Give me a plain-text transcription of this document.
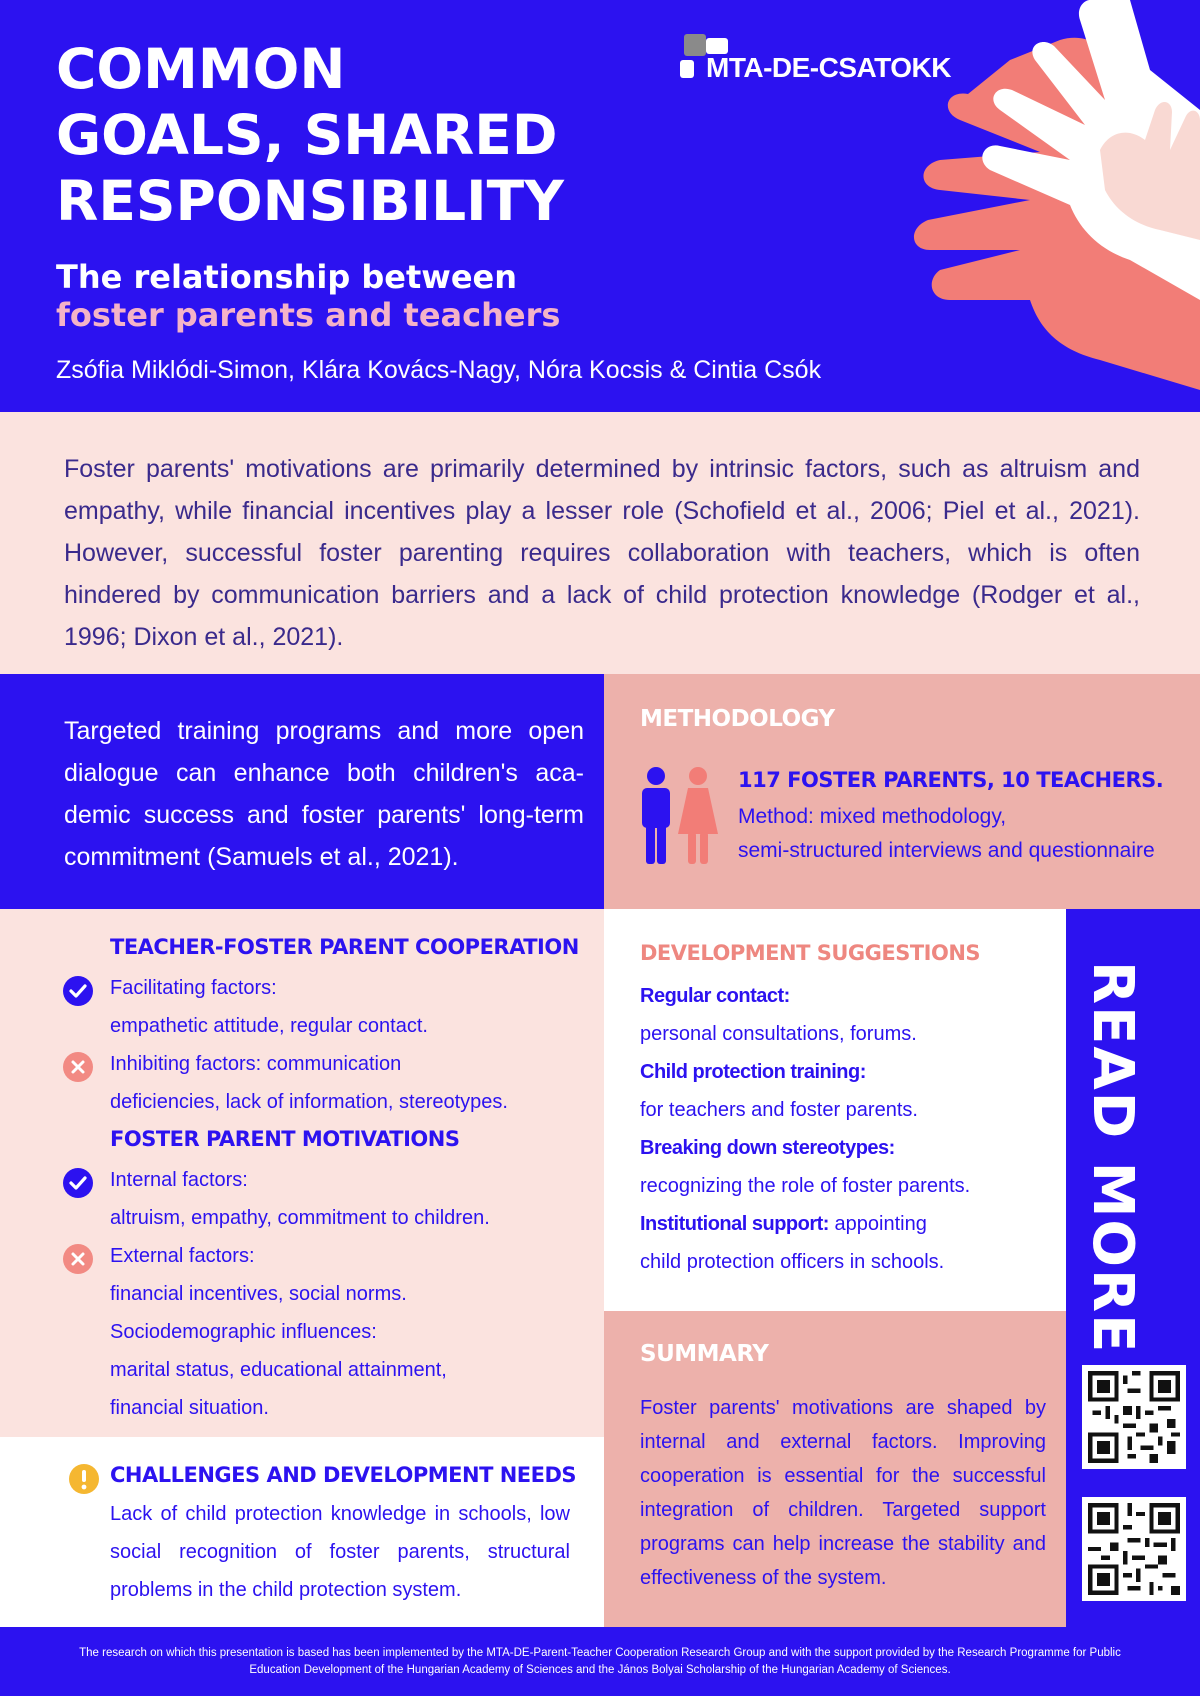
MTA-DE-CSATOKK
COMMON
GOALS, SHARED
RESPONSIBILITY
The relationship between
foster parents and teachers
Zsófia Miklódi-Simon, Klára Kovács-Nagy, Nóra Kocsis & Cintia Csók

Foster parents' motivations are primarily determined by intrinsic factors, such as altruism and empathy, while financial incentives play a lesser role (Schofield et al., 2006; Piel et al., 2021). However, successful foster parenting requires collaboration with teachers, which is often hindered by communication barriers and a lack of child protection knowledge (Rodger et al., 1996; Dixon et al., 2021).

Targeted training programs and more open dialogue can enhance both children's academic success and foster parents' long-term commitment (Samuels et al., 2021).

METHODOLOGY
117 FOSTER PARENTS, 10 TEACHERS.
Method: mixed methodology,
semi-structured interviews and questionnaire
TEACHER-FOSTER PARENT COOPERATION
Facilitating factors:
empathetic attitude, regular contact.
Inhibiting factors: communication
deficiencies, lack of information, stereotypes.
FOSTER PARENT MOTIVATIONS
Internal factors:
altruism, empathy, commitment to children.
External factors:
financial incentives, social norms.
Sociodemographic influences:
marital status, educational attainment,
financial situation.
CHALLENGES AND DEVELOPMENT NEEDS
Lack of child protection knowledge in schools, low social recognition of foster parents, structural problems in the child protection system.
DEVELOPMENT SUGGESTIONS
Regular contact:
personal consultations, forums.
Child protection training:
for teachers and foster parents.
Breaking down stereotypes:
recognizing the role of foster parents.
Institutional support: appointing
child protection officers in schools.
SUMMARY

Foster parents' motivations are shaped by internal and external factors. Improving cooperation is essential for the successful integration of children. Targeted support programs can help increase the stability and effectiveness of the system.

READ MORE

The research on which this presentation is based has been implemented by the MTA-DE-Parent-Teacher Cooperation Research Group and with the support provided by the Research Programme for Public Education Development of the Hungarian Academy of Sciences and the János Bolyai Scholarship of the Hungarian Academy of Sciences.
